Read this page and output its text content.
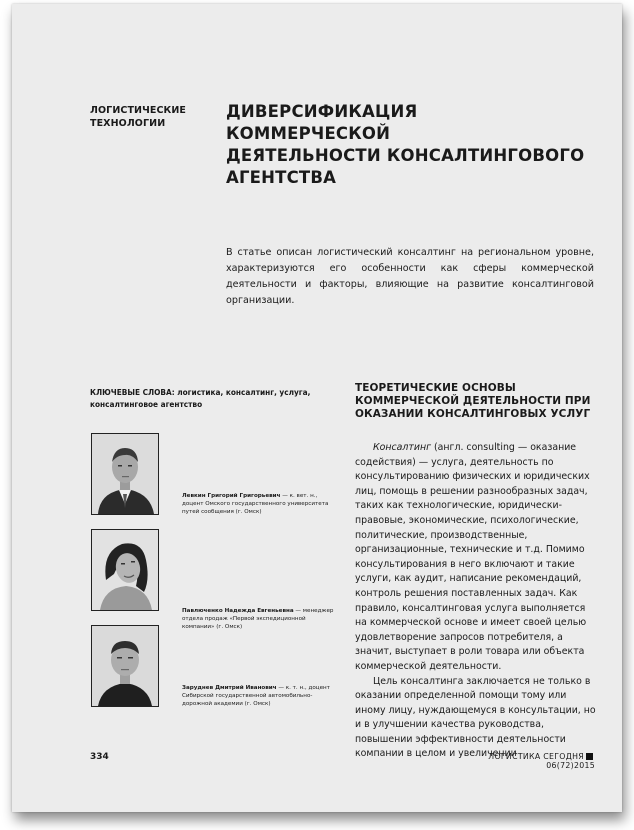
ЛОГИСТИЧЕСКИЕ
ТЕХНОЛОГИИ
ДИВЕРСИФИКАЦИЯ КОММЕРЧЕСКОЙ
ДЕЯТЕЛЬНОСТИ КОНСАЛТИНГОВОГО
АГЕНТСТВА
В статье описан логистический консалтинг на региональном уровне, характеризуются его особенности как сферы коммерческой деятельности и факторы, влияющие на развитие консалтинговой организации.
КЛЮЧЕВЫЕ СЛОВА: логистика, консалтинг, услуга, консалтинговое агентство
Левкин Григорий Григорьевич — к. вет. н., доцент Омского государственного университета путей сообщения (г. Омск)
Павлюченко Надежда Евгеньевна — менеджер отдела продаж «Первой экспедиционной компании» (г. Омск)
Заруднев Дмитрий Иванович — к. т. н., доцент Сибирской государственной автомобильно-дорожной академии (г. Омск)
ТЕОРЕТИЧЕСКИЕ ОСНОВЫ КОММЕРЧЕСКОЙ ДЕЯТЕЛЬНОСТИ ПРИ ОКАЗАНИИ КОНСАЛТИНГОВЫХ УСЛУГ

Консалтинг (англ. consulting — оказание содействия) — услуга, деятельность по консультированию физических и юридических лиц, помощь в решении разнообразных задач, таких как технологические, юридически-правовые, экономические, психологические, политические, производственные, организационные, технические и т.д. Помимо консультирования в него включают и такие услуги, как аудит, написание рекомендаций, контроль решения поставленных задач. Как правило, консалтинговая услуга выполняется на коммерческой основе и имеет своей целью удовлетворение запросов потребителя, а значит, выступает в роли товара или объекта коммерческой деятельности.

Цель консалтинга заключается не только в оказании определенной помощи тому или иному лицу, нуждающемуся в консультации, но и в улучшении качества руководства, повышении эффективности деятельности компании в целом и увеличении

334	ЛОГИСТИКА СЕГОДНЯ06(72)2015
